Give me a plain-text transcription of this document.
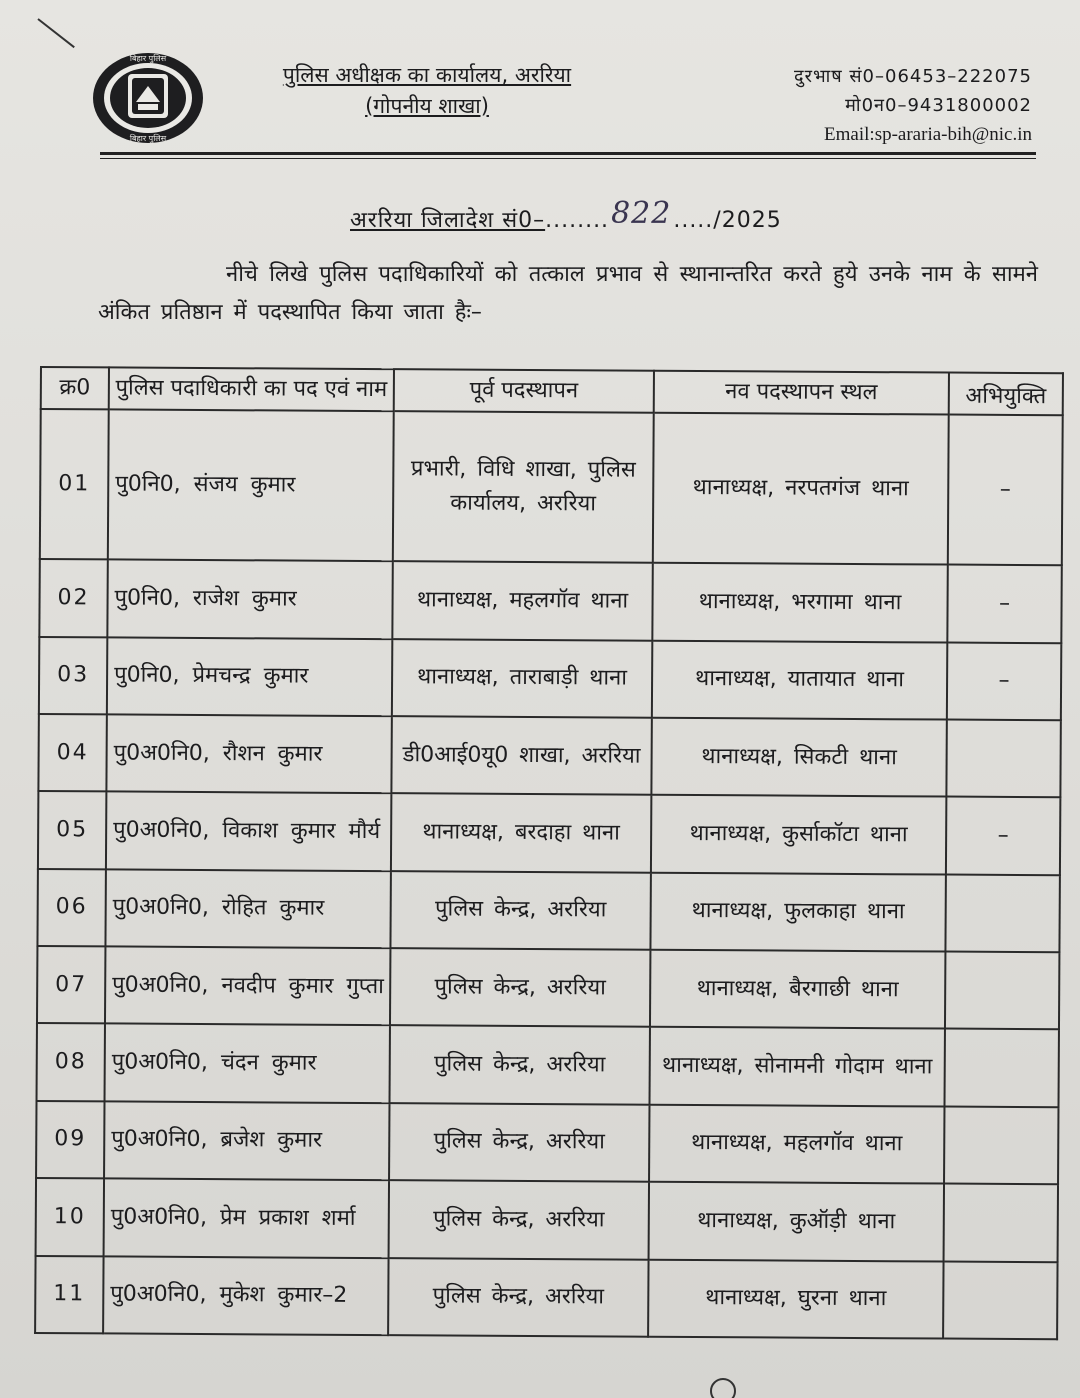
बिहार पुलिस
बिहार पुलिस
पुलिस अधीक्षक का कार्यालय, अररिया
(गोपनीय शाखा)
दुरभाष सं0–06453–222075
मो0न0–9431800002
Email:sp-araria-bih@nic.in
अररिया जिलादेश सं0–........822...../2025
नीचे लिखे पुलिस पदाधिकारियों को तत्काल प्रभाव से स्थानान्तरित करते हुये उनके नाम के सामने अंकित प्रतिष्ठान में पदस्थापित किया जाता हैः–
क्र0	पुलिस पदाधिकारी का पद एवं नाम	पूर्व पदस्थापन	नव पदस्थापन स्थल	अभियुक्ति
01	पु0नि0, संजय कुमार	प्रभारी, विधि शाखा, पुलिस कार्यालय, अररिया	थानाध्यक्ष, नरपतगंज थाना	–
02	पु0नि0, राजेश कुमार	थानाध्यक्ष, महलगॉव थाना	थानाध्यक्ष, भरगामा थाना	–
03	पु0नि0, प्रेमचन्द्र कुमार	थानाध्यक्ष, ताराबाड़ी थाना	थानाध्यक्ष, यातायात थाना	–
04	पु0अ0नि0, रौशन कुमार	डी0आई0यू0 शाखा, अररिया	थानाध्यक्ष, सिकटी थाना	
05	पु0अ0नि0, विकाश कुमार मौर्य	थानाध्यक्ष, बरदाहा थाना	थानाध्यक्ष, कुर्साकॉटा थाना	–
06	पु0अ0नि0, रोहित कुमार	पुलिस केन्द्र, अररिया	थानाध्यक्ष, फुलकाहा थाना	
07	पु0अ0नि0, नवदीप कुमार गुप्ता	पुलिस केन्द्र, अररिया	थानाध्यक्ष, बैरगाछी थाना	
08	पु0अ0नि0, चंदन कुमार	पुलिस केन्द्र, अररिया	थानाध्यक्ष, सोनामनी गोदाम थाना	
09	पु0अ0नि0, ब्रजेश कुमार	पुलिस केन्द्र, अररिया	थानाध्यक्ष, महलगॉव थाना	
10	पु0अ0नि0, प्रेम प्रकाश शर्मा	पुलिस केन्द्र, अररिया	थानाध्यक्ष, कुऑड़ी थाना	
11	पु0अ0नि0, मुकेश कुमार–2	पुलिस केन्द्र, अररिया	थानाध्यक्ष, घुरना थाना	
